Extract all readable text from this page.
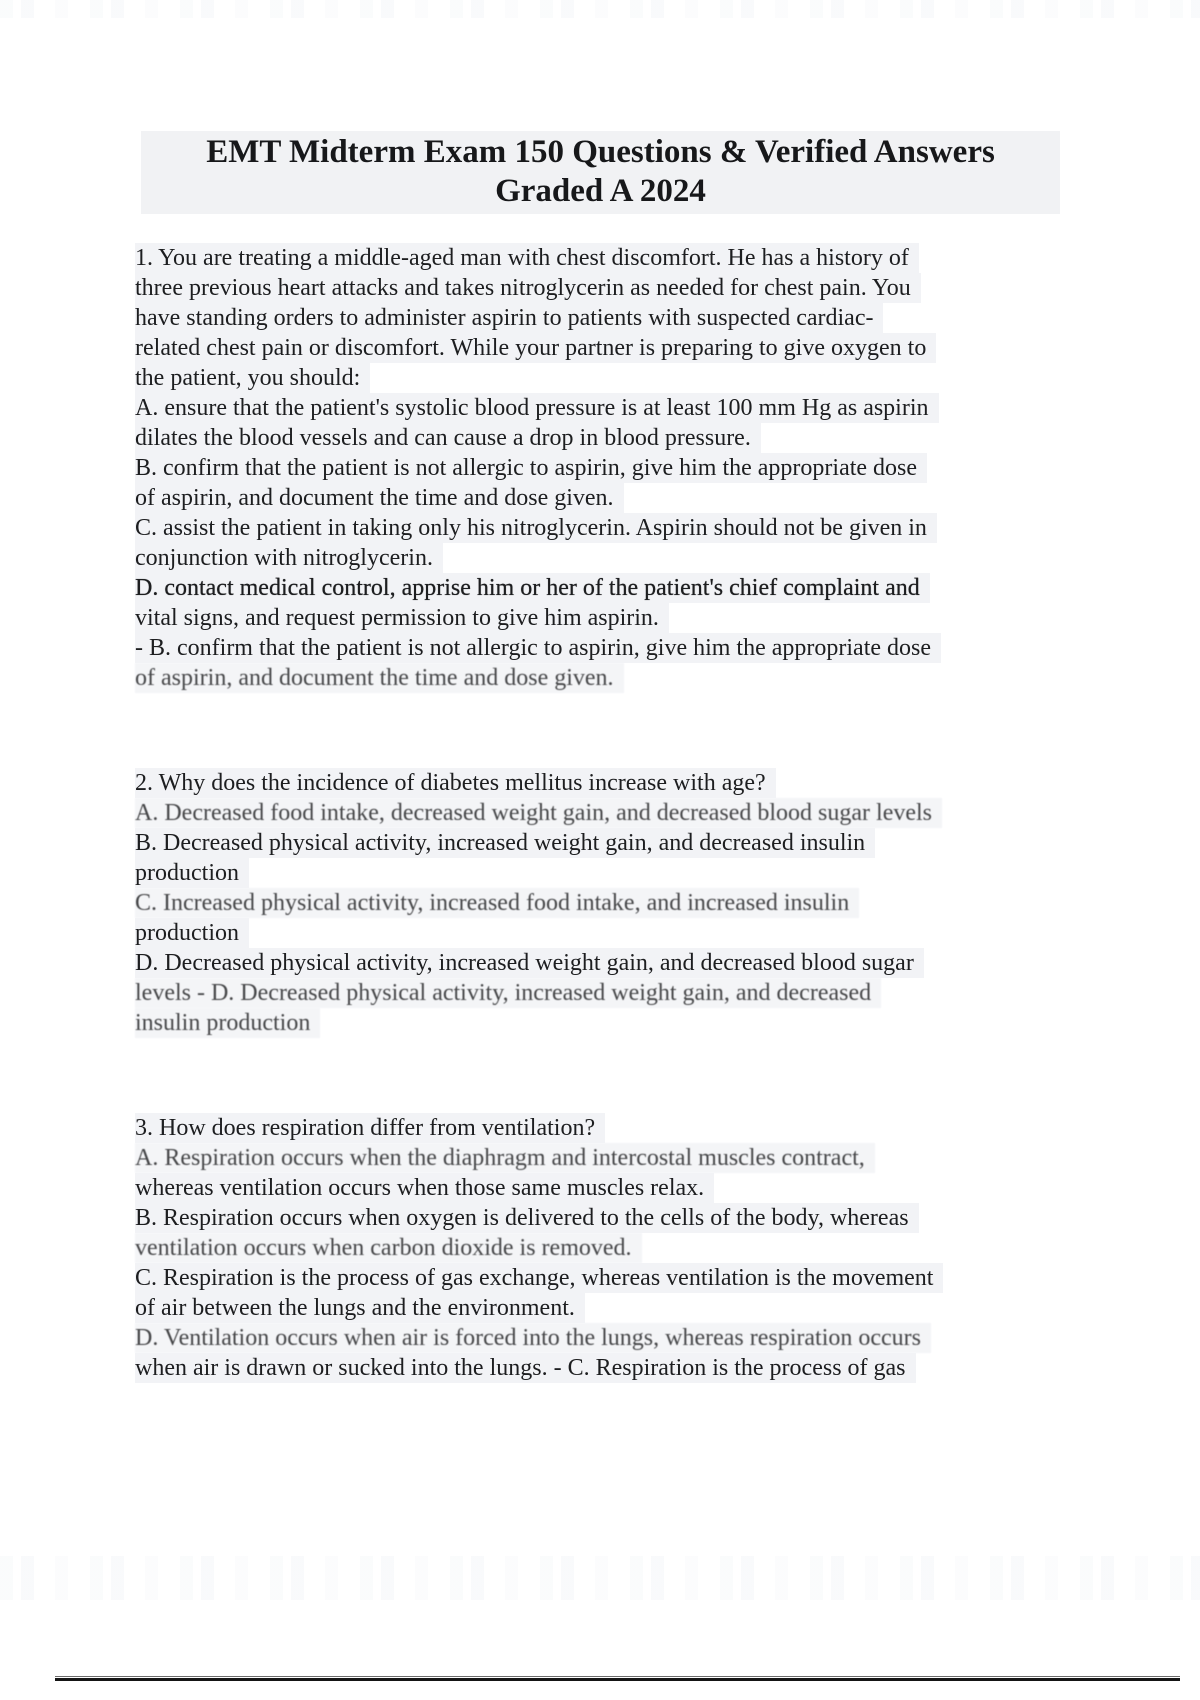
EMT Midterm Exam 150 Questions & Verified Answers
Graded A 2024
1. You are treating a middle-aged man with chest discomfort. He has a history of
three previous heart attacks and takes nitroglycerin as needed for chest pain. You
have standing orders to administer aspirin to patients with suspected cardiac-
related chest pain or discomfort. While your partner is preparing to give oxygen to
the patient, you should:
A. ensure that the patient's systolic blood pressure is at least 100 mm Hg as aspirin
dilates the blood vessels and can cause a drop in blood pressure.
B. confirm that the patient is not allergic to aspirin, give him the appropriate dose
of aspirin, and document the time and dose given.
C. assist the patient in taking only his nitroglycerin. Aspirin should not be given in
conjunction with nitroglycerin.
D. contact medical control, apprise him or her of the patient's chief complaint and
vital signs, and request permission to give him aspirin.
- B. confirm that the patient is not allergic to aspirin, give him the appropriate dose
of aspirin, and document the time and dose given.
2. Why does the incidence of diabetes mellitus increase with age?
A. Decreased food intake, decreased weight gain, and decreased blood sugar levels
B. Decreased physical activity, increased weight gain, and decreased insulin
production
C. Increased physical activity, increased food intake, and increased insulin
production
D. Decreased physical activity, increased weight gain, and decreased blood sugar
levels - D. Decreased physical activity, increased weight gain, and decreased
insulin production
3. How does respiration differ from ventilation?
A. Respiration occurs when the diaphragm and intercostal muscles contract,
whereas ventilation occurs when those same muscles relax.
B. Respiration occurs when oxygen is delivered to the cells of the body, whereas
ventilation occurs when carbon dioxide is removed.
C. Respiration is the process of gas exchange, whereas ventilation is the movement
of air between the lungs and the environment.
D. Ventilation occurs when air is forced into the lungs, whereas respiration occurs
when air is drawn or sucked into the lungs. - C. Respiration is the process of gas
